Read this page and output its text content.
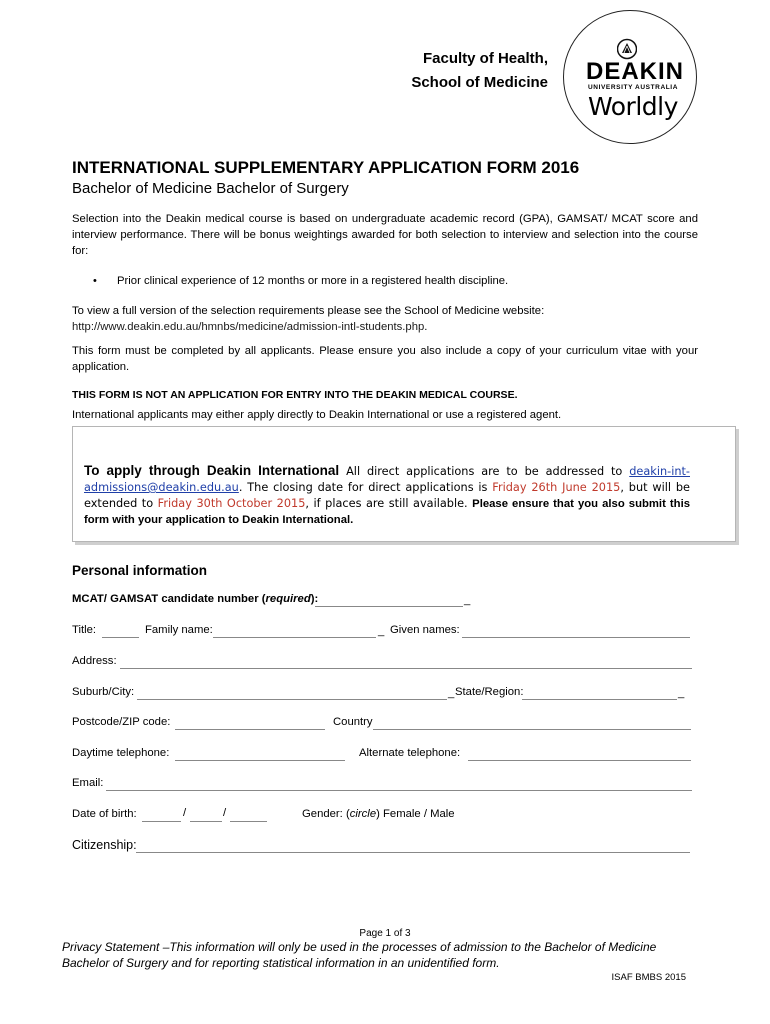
Faculty of Health,
School of Medicine DEAKIN
UNIVERSITY AUSTRALIA
Worldly
INTERNATIONAL SUPPLEMENTARY APPLICATION FORM 2016
Bachelor of Medicine Bachelor of Surgery
Selection into the Deakin medical course is based on undergraduate academic record (GPA), GAMSAT/ MCAT score and interview performance. There will be bonus weightings awarded for both selection to interview and selection into the course for:
• Prior clinical experience of 12 months or more in a registered health discipline.
To view a full version of the selection requirements please see the School of Medicine website:
http://www.deakin.edu.au/hmnbs/medicine/admission-intl-students.php.
This form must be completed by all applicants. Please ensure you also include a copy of your curriculum vitae with your application.
THIS FORM IS NOT AN APPLICATION FOR ENTRY INTO THE DEAKIN MEDICAL COURSE.
International applicants may either apply directly to Deakin International or use a registered agent.
To apply through Deakin International All direct applications are to be addressed to deakin-int-admissions@deakin.edu.au. The closing date for direct applications is Friday 26th June 2015, but will be extended to Friday 30th October 2015, if places are still available. Please ensure that you also submit this form with your application to Deakin International.
Personal information
MCAT/ GAMSAT candidate number (required):	_
Title:	Family name:	_ Given names:
Address:
Suburb/City:	_ State/Region:	_
Postcode/ZIP code:	Country
Daytime telephone:	Alternate telephone:
Email:
Date of birth:	/	/	Gender: (circle) Female / Male
Citizenship:
Page 1 of 3
Privacy Statement –This information will only be used in the processes of admission to the Bachelor of Medicine Bachelor of Surgery and for reporting statistical information in an unidentified form.
ISAF BMBS 2015
